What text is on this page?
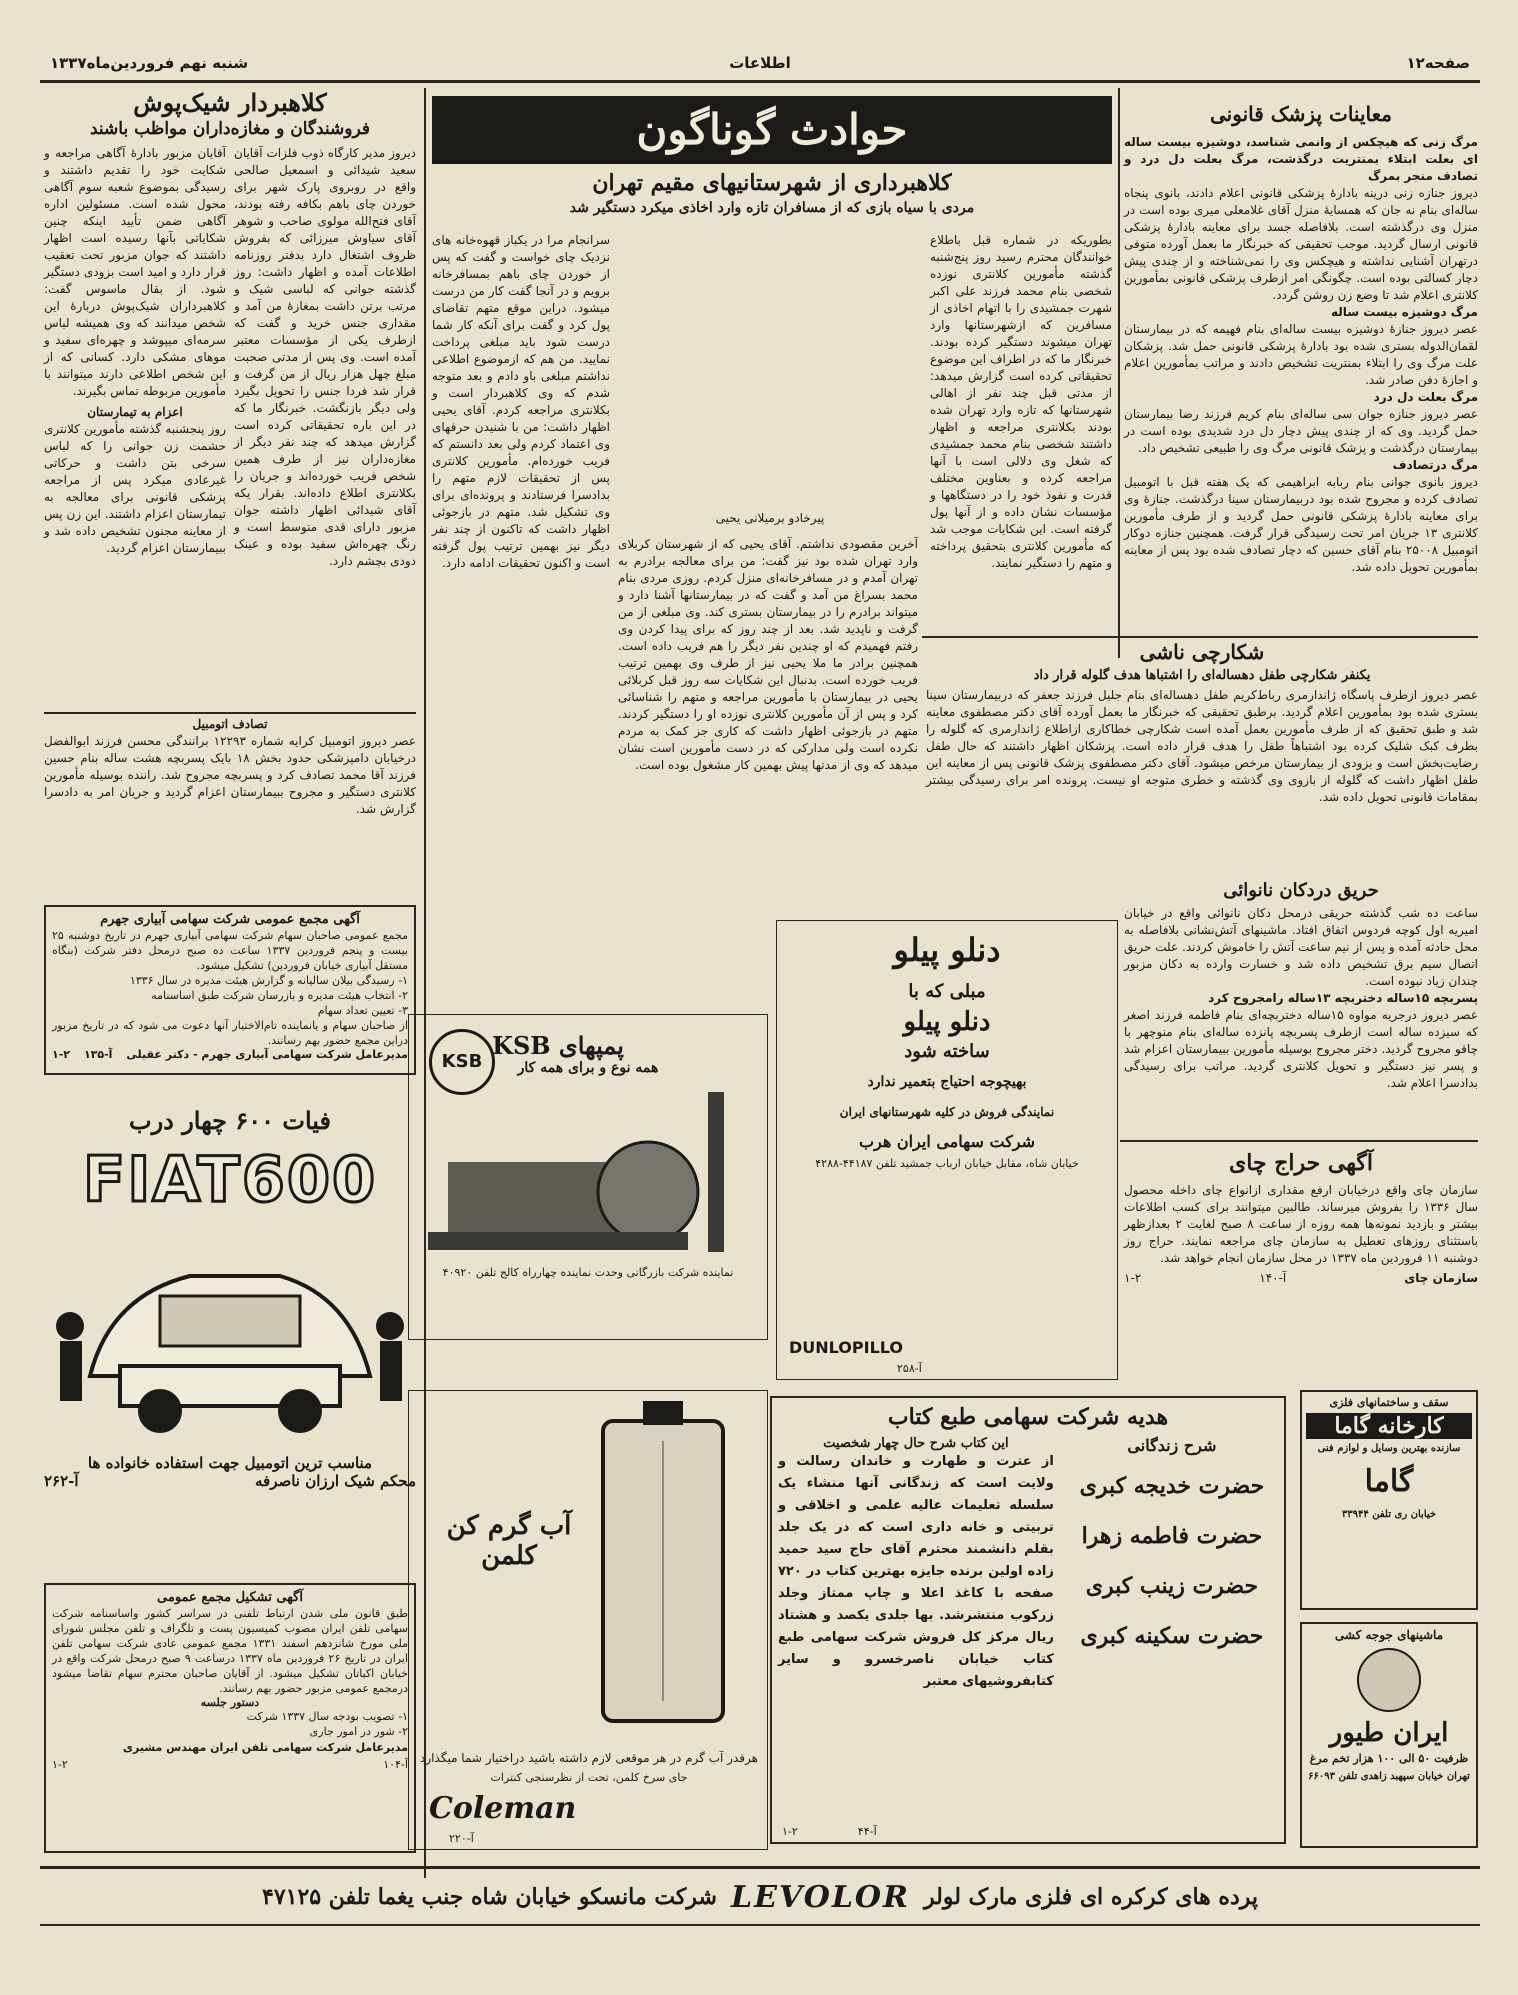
صفحه۱۲
اطلاعات
شنبه نهم فروردین‌ماه۱۳۳۷
معاینات پزشک قانونی
مرگ زنی که هیچکس از وانمی شناسد، دوشیزه بیست ساله ای بعلت ابتلاء بمنتریت درگذشت، مرگ بعلت دل درد و تصادف منجر بمرگ
دیروز جنازه زنی درینه بادارهٔ پزشکی قانونی اعلام دادند، بانوی پنجاه ساله‌ای بنام نه جان که همسایهٔ منزل آقای غلامعلی میری بوده است در منزل وی درگذشته است. بلافاصله جسد برای معاینه بادارهٔ پزشکی قانونی ارسال گردید. موجب تحقیقی که خبرنگار ما بعمل آورده متوفی درتهران آشنایی نداشته و هیچکس وی را نمی‌شناخته و از چندی پیش دچار کسالتی بوده است. چگونگی امر ازطرف پزشکی قانونی بمأمورین کلانتری اعلام شد تا وضع زن روشن گردد.
مرگ دوشیزه بیست ساله
عصر دیروز جنازهٔ دوشیزه بیست ساله‌ای بنام فهیمه که در بیمارستان لقمان‌الدوله بستری شده بود بادارهٔ پزشکی قانونی حمل شد. پزشکان علت مرگ وی را ابتلاء بمنتریت تشخیص دادند و مراتب بمأمورین اعلام و اجازهٔ دفن صادر شد.
مرگ بعلت دل درد
عصر دیروز جنازه جوان سی ساله‌ای بنام کریم فرزند رضا بیمارستان حمل گردید. وی که از چندی پیش دچار دل درد شدیدی بوده است در بیمارستان درگذشت و پزشک قانونی مرگ وی را طبیعی تشخیص داد.
مرگ درتصادف
دیروز بانوی جوانی بنام ربابه ابراهیمی که یک هفته قبل با اتومبیل تصادف کرده و مجروح شده بود دربیمارستان سینا درگذشت. جنازهٔ وی برای معاینه بادارهٔ پزشکی قانونی حمل گردید و از طرف مأمورین کلانتری ۱۳ جریان امر تحت رسیدگی قرار گرفت. همچنین جنازه دوکار اتومبیل ۲۵۰۰۸ بنام آقای حسین که دچار تصادف شده بود پس از معاینه بمأمورین تحویل داده شد.
حوادث گوناگون
کلاهبرداری از شهرستانیهای مقیم تهران
مردی با سیاه بازی که از مسافران تازه وارد اخاذی میکرد دستگیر شد
پیرخادو برمیلانی یحیی
بطوریکه در شماره قبل باطلاع خوانندگان محترم رسید روز پنج‌شنبه گذشته مأمورین کلانتری نوزده شخصی بنام محمد فرزند علی اکبر شهرت جمشیدی را با اتهام اخاذی از مسافرین که ازشهرستانها وارد تهران میشوند دستگیر کرده بودند. خبرنگار ما که در اطراف این موضوع تحقیقاتی کرده است گزارش میدهد: از مدتی قبل چند نفر از اهالی شهرستانها که تازه وارد تهران شده بودند بکلانتری مراجعه و اظهار داشتند شخصی بنام محمد جمشیدی که شغل وی دلالی است با آنها مراجعه کرده و بعناوین مختلف قدرت و نفوذ خود را در دستگاهها و مؤسسات نشان داده و از آنها پول گرفته است. این شکایات موجب شد که مأمورین کلانتری بتحقیق پرداخته و متهم را دستگیر نمایند.
سرانجام مرا در یکباز قهوه‌خانه های نزدیک چای خواست و گفت که پس از خوردن چای باهم بمسافرخانه برویم و در آنجا گفت کار من درست میشود. دراین موقع متهم تقاضای پول کرد و گفت برای آنکه کار شما درست شود باید مبلغی پرداخت نمایید. من هم که ازموضوع اطلاعی نداشتم مبلغی باو دادم و بعد متوجه شدم که وی کلاهبردار است و بکلانتری مراجعه کردم. آقای یحیی اظهار داشت: من با شنیدن حرفهای وی اعتماد کردم ولی بعد دانستم که فریب خورده‌ام. مأمورین کلانتری پس از تحقیقات لازم متهم را بدادسرا فرستادند و پرونده‌ای برای وی تشکیل شد. متهم در بازجوئی اظهار داشت که تاکنون از چند نفر دیگر نیز بهمین ترتیب پول گرفته است و اکنون تحقیقات ادامه دارد.
آخرین مقصودی نداشتم. آقای یحیی که از شهرستان کربلای وارد تهران شده بود نیز گفت: من برای معالجه برادرم به تهران آمدم و در مسافرخانه‌ای منزل کردم. روزی مردی بنام محمد بسراغ من آمد و گفت که در بیمارستانها آشنا دارد و میتواند برادرم را در بیمارستان بستری کند. وی مبلغی از من گرفت و ناپدید شد. بعد از چند روز که برای پیدا کردن وی رفتم فهمیدم که او چندین نفر دیگر را هم فریب داده است. همچنین برادر ما ملا یحیی نیز از طرف وی بهمین ترتیب فریب خورده است. بدنبال این شکایات سه روز قبل کربلائی یحیی در بیمارستان با مأمورین مراجعه و متهم را شناسائی کرد و پس از آن مأمورین کلانتری نوزده او را دستگیر کردند. متهم در بازجوئی اظهار داشت که کاری جز کمک به مردم نکرده است ولی مدارکی که در دست مأمورین است نشان میدهد که وی از مدتها پیش بهمین کار مشغول بوده است.
شکارچی ناشی
یکنفر شکارچی طفل دهساله‌ای را اشتباها هدف گلوله قرار داد
عصر دیروز ازطرف پاسگاه ژاندارمری رباط‌کریم طفل دهساله‌ای بنام جلیل فرزند جعفر که دربیمارستان سینا بستری شده بود بمأمورین اعلام گردید. برطبق تحقیقی که خبرنگار ما بعمل آورده آقای دکتر مصطفوی معاینه شد و طبق تحقیق که از طرف مأمورین بعمل آمده است شکارچی خطاکاری ازاطلاع ژاندارمری که گلوله را بطرف کبک شلیک کرده بود اشتباهاً طفل را هدف قرار داده است. پزشکان اظهار داشتند که حال طفل رضایت‌بخش است و بزودی از بیمارستان مرخص میشود. آقای دکتر مصطفوی پزشک قانونی پس از معاینه این طفل اظهار داشت که گلوله از بازوی وی گذشته و خطری متوجه او نیست. پرونده امر برای رسیدگی بیشتر بمقامات قانونی تحویل داده شد.
حریق دردکان نانوائی
ساعت ده شب گذشته حریقی درمحل دکان نانوائی واقع در خیابان امیریه اول کوچه فردوس اتفاق افتاد. ماشینهای آتش‌نشانی بلافاصله به محل حادثه آمده و پس از نیم ساعت آتش را خاموش کردند. علت حریق اتصال سیم برق تشخیص داده شد و خسارت وارده به دکان مزبور چندان زیاد نبوده است.
پسربچه ۱۵ساله دختربچه ۱۳ساله رامجروح کرد
عصر دیروز درجریه مواوه ۱۵ساله دختربچه‌ای بنام فاطمه فرزند اصغر که سیزده ساله است ازطرف پسربچه پانزده ساله‌ای بنام منوچهر با چاقو مجروح گردید. دختر مجروح بوسیله مأمورین ببیمارستان اعزام شد و پسر نیز دستگیر و تحویل کلانتری گردید. مراتب برای رسیدگی بدادسرا اعلام شد.
آگهی حراج چای
سازمان چای واقع درخیابان ارفع مقداری ازانواع چای داخله محصول سال ۱۳۳۶ را بفروش میرساند. طالبین میتوانند برای کسب اطلاعات بیشتر و بازدید نمونه‌ها همه روزه از ساعت ۸ صبح لغایت ۲ بعدازظهر باستثنای روزهای تعطیل به سازمان چای مراجعه نمایند. حراج روز دوشنبه ۱۱ فروردین ماه ۱۳۳۷ در محل سازمان انجام خواهد شد.
سازمان چای
آ-۱۴۰
۱-۲
کلاهبردار شیک‌پوش
فروشندگان و مغازه‌داران مواظب باشند
دیروز مدیر کارگاه ذوب فلزات آقایان سعید شیدائی و اسمعیل صالحی واقع در روبروی پارک شهر برای خوردن چای باهم بکافه رفته بودند، آقای فتح‌الله مولوی صاحب و شوهر آقای سیاوش میرزائی که بفروش ظروف اشتغال دارد بدفتر روزنامه اطلاعات آمده و اظهار داشت: روز گذشته جوانی که لباسی شیک و مرتب برتن داشت بمغازهٔ من آمد و مقداری جنس خرید و گفت که ازطرف یکی از مؤسسات معتبر آمده است. وی پس از مدتی صحبت مبلغ چهل هزار ریال از من گرفت و قرار شد فردا جنس را تحویل بگیرد ولی دیگر بازنگشت. خبرنگار ما که در این باره تحقیقاتی کرده است گزارش میدهد که چند نفر دیگر از مغازه‌داران نیز از طرف همین شخص فریب خورده‌اند و جریان را بکلانتری اطلاع داده‌اند. بقرار یکه آقای شیدائی اظهار داشته جوان مزبور دارای قدی متوسط است و رنگ چهره‌اش سفید بوده و عینک دودی بچشم دارد.
آقایان مزبور بادارهٔ آگاهی مراجعه و شکایت خود را تقدیم داشتند و رسیدگی بموضوع شعبه سوم آگاهی محول شده است. مسئولین اداره آگاهی ضمن تأیید اینکه چنین شکایاتی بآنها رسیده است اظهار داشتند که جوان مزبور تحت تعقیب قرار دارد و امید است بزودی دستگیر شود. از بقال ماسوس گفت: کلاهبرداران شیک‌پوش دربارهٔ این شخص میدانند که وی همیشه لباس سرمه‌ای میپوشد و چهره‌ای سفید و موهای مشکی دارد. کسانی که از این شخص اطلاعی دارند میتوانند با مأمورین مربوطه تماس بگیرند.
اعزام به تیمارستان
روز پنجشنبه گذشته مأمورین کلانتری حشمت زن جوانی را که لباس سرخی بتن داشت و حرکاتی غیرعادی میکرد پس از مراجعه پزشکی قانونی برای معالجه به تیمارستان اعزام داشتند. این زن پس از معاینه مجنون تشخیص داده شد و ببیمارستان اعزام گردید.
تصادف اتومبیل
عصر دیروز اتومبیل کرایه شماره ۱۲۲۹۳ برانندگی محسن فرزند ابوالفضل درخیابان دامپزشکی حدود بخش ۱۸ بایک پسربچه هشت ساله بنام حسین فرزند آقا محمد تصادف کرد و پسربچه مجروح شد. راننده بوسیله مأمورین کلانتری دستگیر و مجروح ببیمارستان اعزام گردید و جریان امر به دادسرا گزارش شد.
آگهی مجمع عمومی شرکت سهامی آبیاری جهرم
مجمع عمومی صاحبان سهام شرکت سهامی آبیاری جهرم در تاریخ دوشنبه ۲۵ بیست و پنجم فروردین ۱۳۳۷ ساعت ده صبح درمحل دفتر شرکت (بنگاه مستقل آبیاری خیابان فروردین) تشکیل میشود.
۱- رسیدگی بیلان سالیانه و گزارش هیئت مدیره در سال ۱۳۳۶
۲- انتخاب هیئت مدیره و بازرسان شرکت طبق اساسنامه
۳- تعیین تعداد سهام
از صاحبان سهام و یانماینده تام‌الاختیار آنها دعوت می شود که در تاریخ مزبور دراین مجمع حضور بهم رسانند.
مدیرعامل شرکت سهامی آبیاری جهرم - دکتر عقیلی
آ-۱۳۵
۱-۲
فیات ۶۰۰ چهار درب
FIAT600
مناسب ترین اتومبیل جهت استفاده خانواده ها
محکم شیک ارزان ناصرفه
آ-۲۶۲
آگهی تشکیل مجمع عمومی
طبق قانون ملی شدن ارتباط تلفنی در سراسر کشور واساسنامه شرکت سهامی تلفن ایران مصوب کمیسیون پست و تلگراف و تلفن مجلس شورای ملی مورخ شانزدهم اسفند ۱۳۳۱ مجمع عمومی عادی شرکت سهامی تلفن ایران در تاریخ ۲۶ فروردین ماه ۱۳۳۷ درساعت ۹ صبح درمحل شرکت واقع در خیابان اکباتان تشکیل میشود. از آقایان صاحبان محترم سهام تقاضا میشود درمجمع عمومی مزبور حضور بهم رسانند.
دستور جلسه
۱- تصویب بودجه سال ۱۳۳۷ شرکت
۲- شور در امور جاری
مدیرعامل شرکت سهامی تلفن ایران مهندس مشیری
آ-۱۰۴
۱-۲
KSB
پمپهای KSB
همه نوع و برای همه کار
نماینده شرکت بازرگانی وحدت نماینده چهارراه کالج تلفن ۴۰۹۲۰
دنلو پیلو
مبلی که با
دنلو پیلو
ساخته شود
بهیچوجه احتیاج بتعمیر ندارد
نمایندگی فروش در کلیه شهرستانهای ایران
شرکت سهامی ایران هرب
خیابان شاه، مقابل خیابان ارباب جمشید تلفن ۴۴۱۸۷-۴۲۸۸
DUNLOPILLO
آ-۲۵۸
آب گرم کن کلمن
هرقدر آب گرم در هر موقعی لازم داشته باشید دراختیار شما میگذارد
جای سرخ کلمن، تحت از نظرسنجی کنترات
Coleman
آ-۲۲۰
هدیه شرکت سهامی طبع کتاب
شرح زندگانی
حضرت خدیجه کبری
حضرت فاطمه زهرا
حضرت زینب کبری
حضرت سکینه کبری
این کتاب شرح حال چهار شخصیت
از عترت و طهارت و خاندان رسالت و ولایت است که زندگانی آنها منشاء یک سلسله تعلیمات عالیه علمی و اخلاقی و تربیتی و خانه داری است که در یک جلد بقلم دانشمند محترم آقای حاج سید حمید زاده اولین برنده جایزه بهترین کتاب در ۷۲۰ صفحه با کاغذ اعلا و چاپ ممتاز وجلد زرکوب منتشرشد. بها جلدی یکصد و هشتاد ریال مرکز کل فروش شرکت سهامی طبع کتاب خیابان ناصرخسرو و سایر کتابفروشیهای معتبر
آ-۴۴
۱-۲
سقف و ساختمانهای فلزی
کارخانه گاما
سازنده بهترین وسایل و لوازم فنی
گاما
خیابان ری تلفن ۳۳۹۴۴
ماشینهای جوجه کشی
ایران طیور
ظرفیت ۵۰ الی ۱۰۰ هزار تخم مرغ
تهران خیابان سپهبد زاهدی تلفن ۶۶۰۹۳
پرده های کرکره ای فلزی مارک لولر
LEVOLOR
شرکت مانسکو خیابان شاه جنب یغما تلفن ۴۷۱۲۵
